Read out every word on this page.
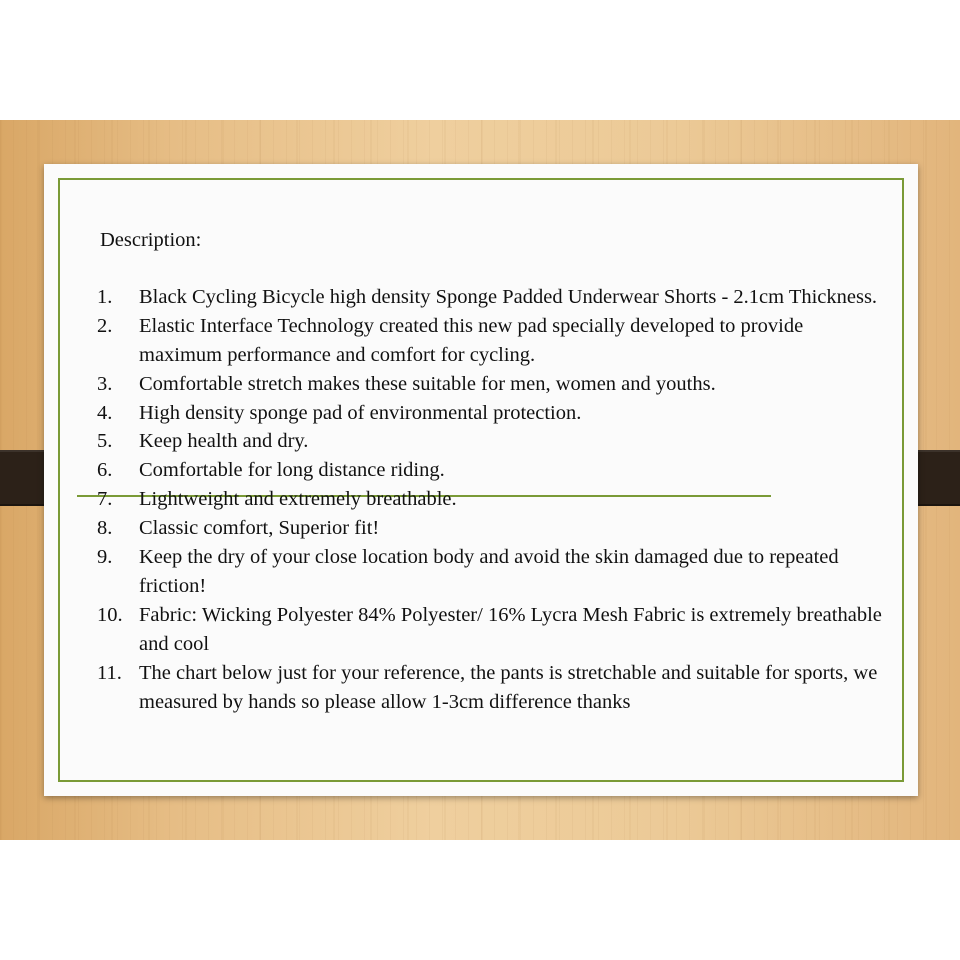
Description:
1.	Black Cycling Bicycle high density Sponge Padded Underwear Shorts - 2.1cm Thickness.
2.	Elastic Interface Technology created this new pad specially developed to provide maximum performance and comfort for cycling.
3.	Comfortable stretch makes these suitable for men, women and youths.
4.	High density sponge pad of environmental protection.
5.	Keep health and dry.
6.	Comfortable for long distance riding.
7.	Lightweight and extremely breathable.
8.	Classic comfort, Superior fit!
9.	Keep the dry of your close location body and avoid the skin damaged due to repeated friction!
10. Fabric: Wicking Polyester 84% Polyester/ 16% Lycra Mesh Fabric is extremely breathable and cool
11. The chart below just for your reference, the pants is stretchable and suitable for sports, we measured by hands so please allow 1-3cm difference thanks
